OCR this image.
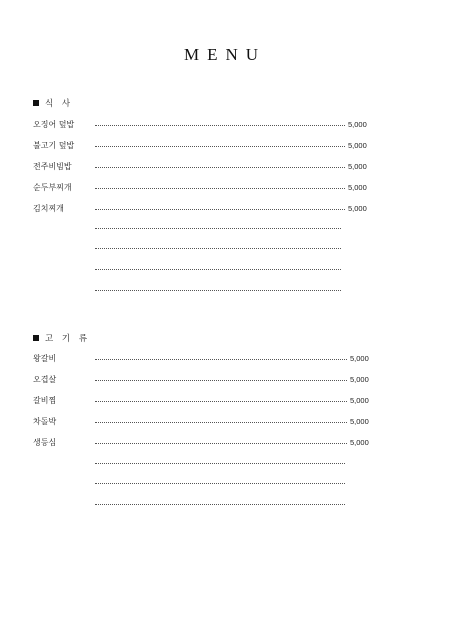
MENU
식 사
오징어 덮밥	5,000
불고기 덮밥	5,000
전주비빔밥	5,000
순두부찌개	5,000
김치찌개	5,000
고 기 류
왕갈비	5,000
오겹살	5,000
갈비찜	5,000
차돌박	5,000
생등심	5,000
